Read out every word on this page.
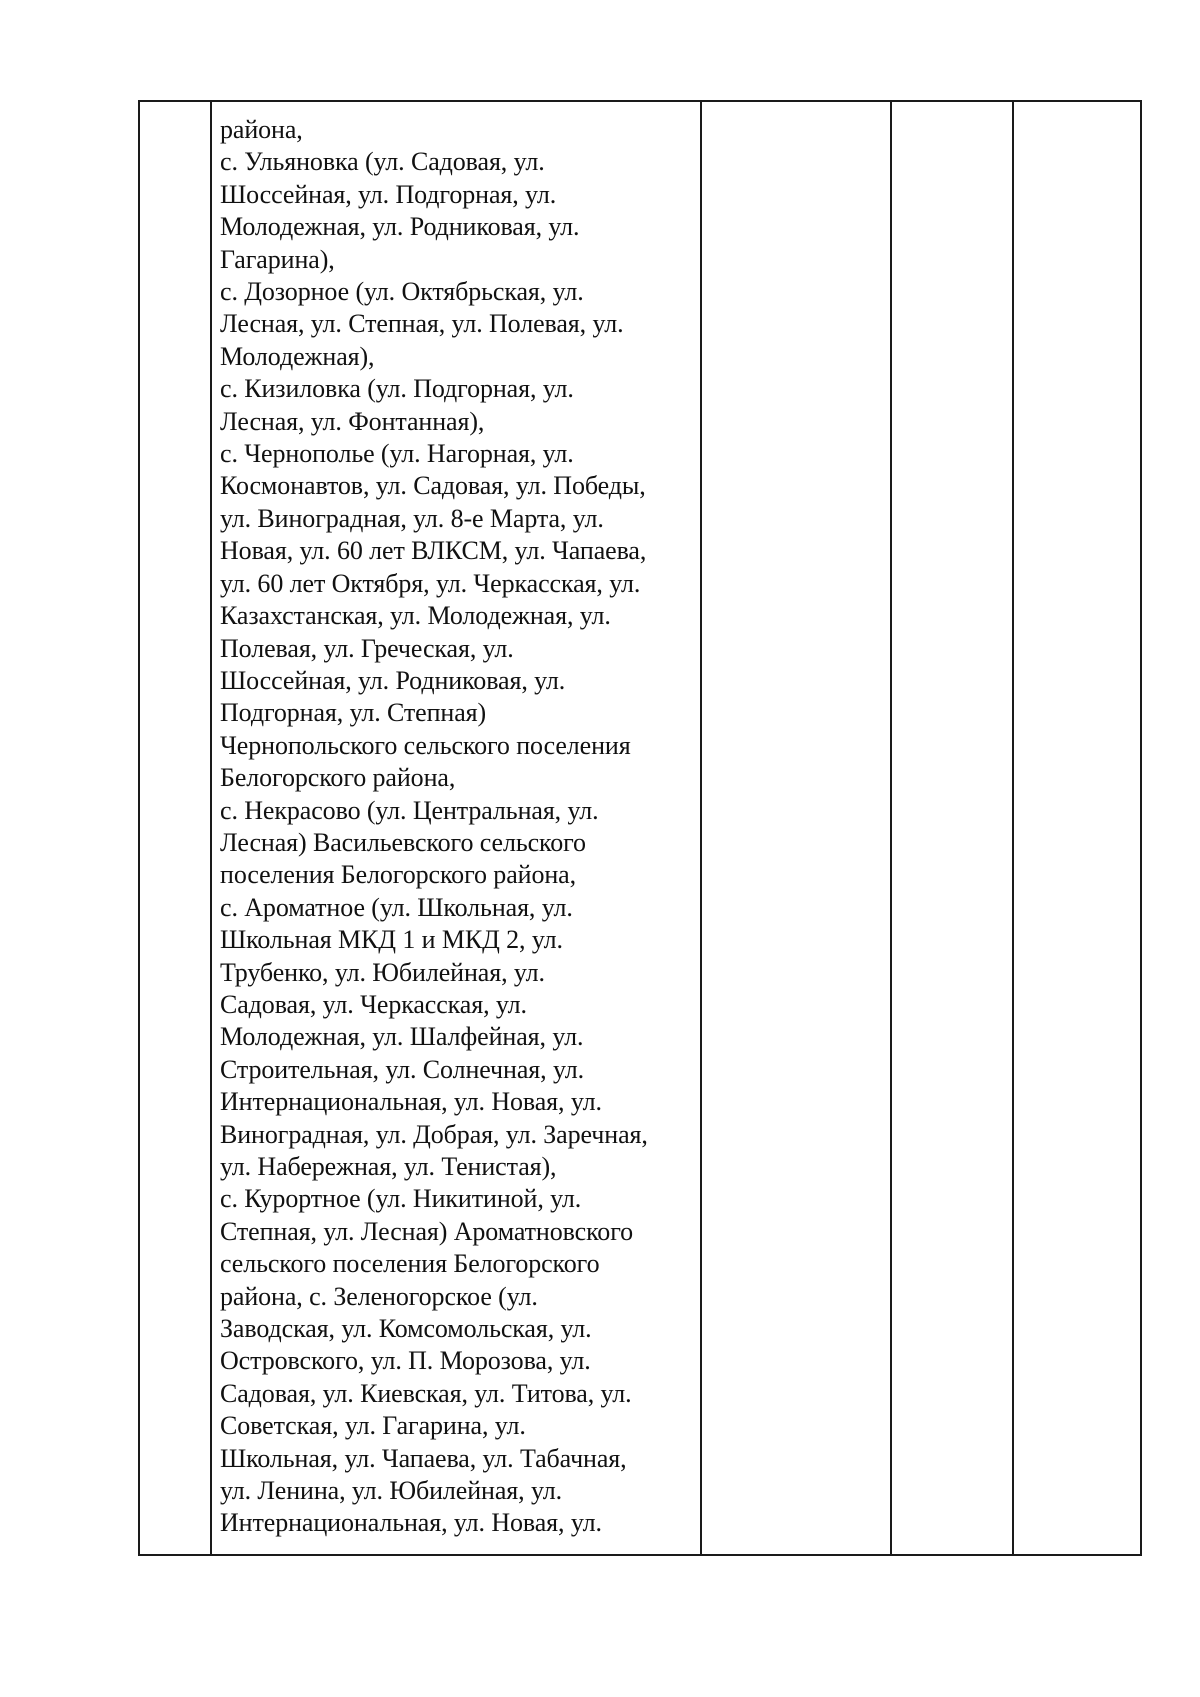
района,
с. Ульяновка (ул. Садовая, ул.
Шоссейная, ул. Подгорная, ул.
Молодежная, ул. Родниковая, ул.
Гагарина),
с. Дозорное (ул. Октябрьская, ул.
Лесная, ул. Степная, ул. Полевая, ул.
Молодежная),
с. Кизиловка (ул. Подгорная, ул.
Лесная, ул. Фонтанная),
с. Чернополье (ул. Нагорная, ул.
Космонавтов, ул. Садовая, ул. Победы,
ул. Виноградная, ул. 8-е Марта, ул.
Новая, ул. 60 лет ВЛКСМ, ул. Чапаева,
ул. 60 лет Октября, ул. Черкасская, ул.
Казахстанская, ул. Молодежная, ул.
Полевая, ул. Греческая, ул.
Шоссейная, ул. Родниковая, ул.
Подгорная, ул. Степная)
Чернопольского сельского поселения
Белогорского района,
с. Некрасово (ул. Центральная, ул.
Лесная) Васильевского сельского
поселения Белогорского района,
с. Ароматное (ул. Школьная, ул.
Школьная МКД 1 и МКД 2, ул.
Трубенко, ул. Юбилейная, ул.
Садовая, ул. Черкасская, ул.
Молодежная, ул. Шалфейная, ул.
Строительная, ул. Солнечная, ул.
Интернациональная, ул. Новая, ул.
Виноградная, ул. Добрая, ул. Заречная,
ул. Набережная, ул. Тенистая),
с. Курортное (ул. Никитиной, ул.
Степная, ул. Лесная) Ароматновского
сельского поселения Белогорского
района, с. Зеленогорское (ул.
Заводская, ул. Комсомольская, ул.
Островского, ул. П. Морозова, ул.
Садовая, ул. Киевская, ул. Титова, ул.
Советская, ул. Гагарина, ул.
Школьная, ул. Чапаева, ул. Табачная,
ул. Ленина, ул. Юбилейная, ул.
Интернациональная, ул. Новая, ул.
